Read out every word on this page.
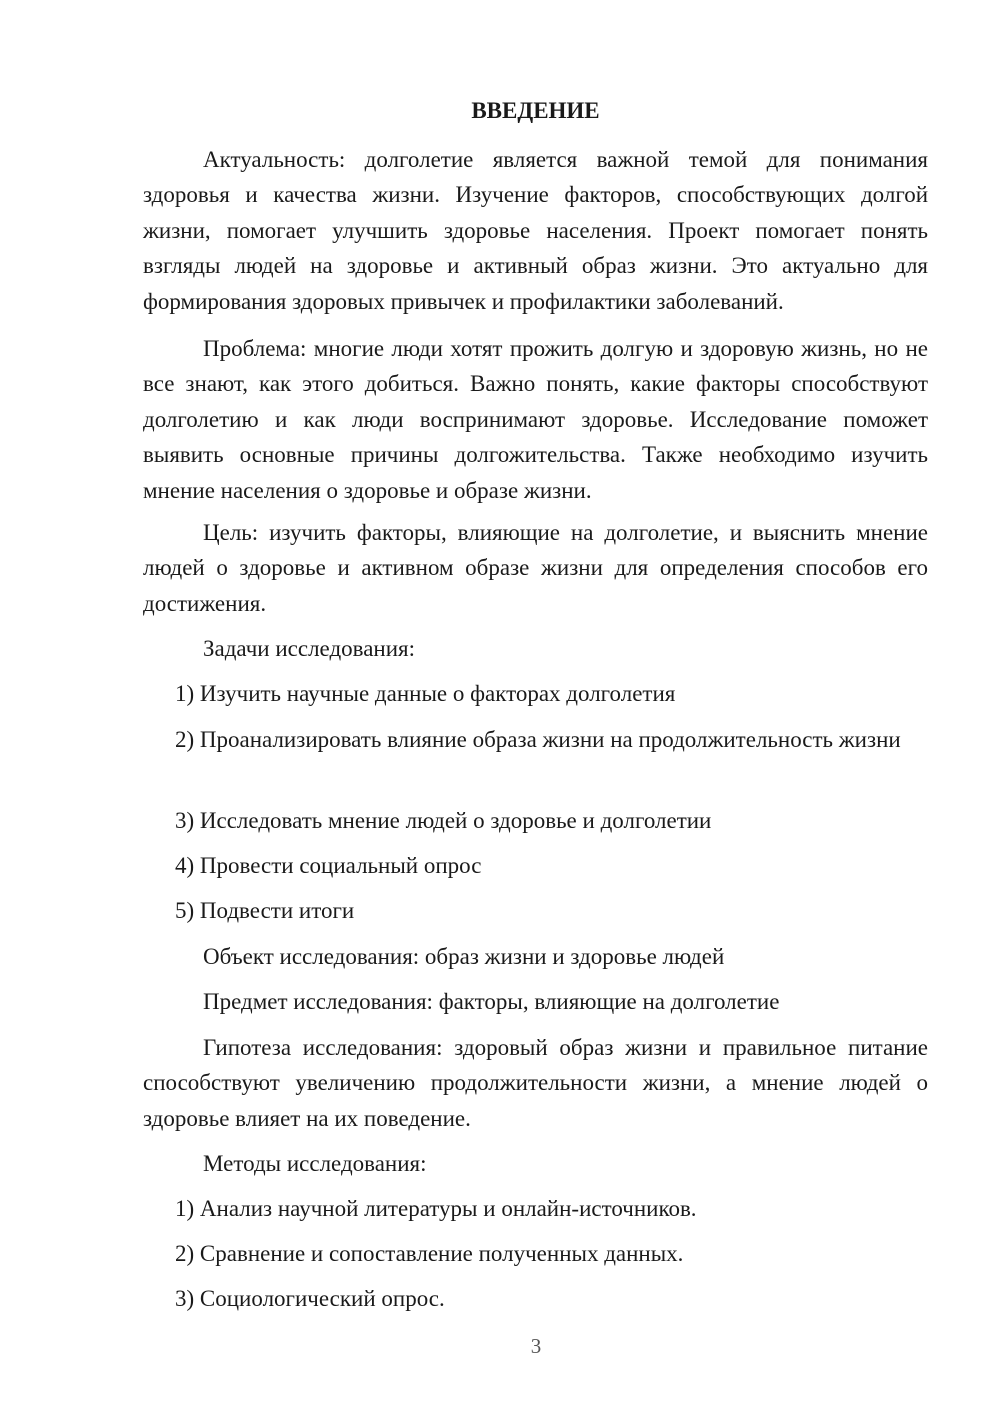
ВВЕДЕНИЕ

Актуальность: долголетие является важной темой для понимания здоровья и качества жизни. Изучение факторов, способствующих долгой жизни, помогает улучшить здоровье населения. Проект помогает понять взгляды людей на здоровье и активный образ жизни. Это актуально для формирования здоровых привычек и профилактики заболеваний.

Проблема: многие люди хотят прожить долгую и здоровую жизнь, но не все знают, как этого добиться. Важно понять, какие факторы способствуют долголетию и как люди воспринимают здоровье. Исследование поможет выявить основные причины долгожительства. Также необходимо изучить мнение населения о здоровье и образе жизни.

Цель: изучить факторы, влияющие на долголетие, и выяснить мнение людей о здоровье и активном образе жизни для определения способов его достижения.

Задачи исследования:
1) Изучить научные данные о факторах долголетия

2) Проанализировать влияние образа жизни на продолжительность жизни

3) Исследовать мнение людей о здоровье и долголетии
4) Провести социальный опрос
5) Подвести итоги
Объект исследования: образ жизни и здоровье людей
Предмет исследования: факторы, влияющие на долголетие

Гипотеза исследования: здоровый образ жизни и правильное питание способствуют увеличению продолжительности жизни, а мнение людей о здоровье влияет на их поведение.

Методы исследования:
1) Анализ научной литературы и онлайн-источников.
2) Сравнение и сопоставление полученных данных.
3) Социологический опрос.
3
